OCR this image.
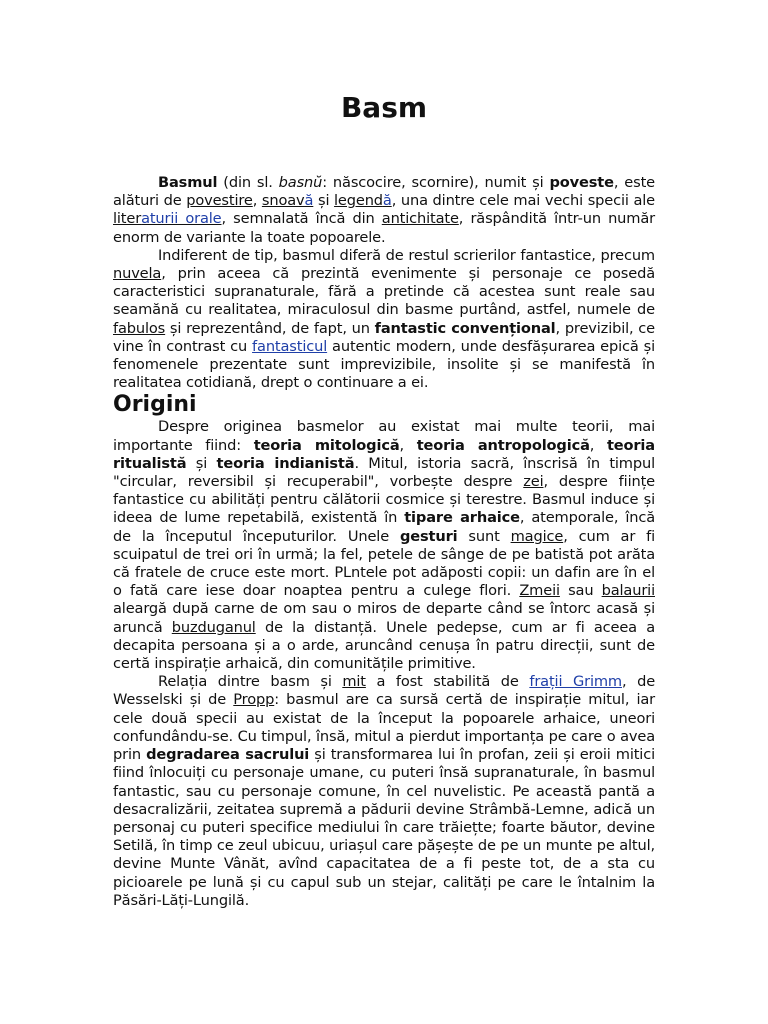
Basm

Basmul (din sl. basnŭ: născocire, scornire), numit și poveste, este alături de povestire, snoavă și legendă, una dintre cele mai vechi specii ale literaturii orale, semnalată încă din antichitate, răspândită într-un număr enorm de variante la toate popoarele.

Indiferent de tip, basmul diferă de restul scrierilor fantastice, precum nuvela, prin aceea că prezintă evenimente și personaje ce posedă caracteristici supranaturale, fără a pretinde că acestea sunt reale sau seamănă cu realitatea, miraculosul din basme purtând, astfel, numele de fabulos și reprezentând, de fapt, un fantastic convențional, previzibil, ce vine în contrast cu fantasticul autentic modern, unde desfășurarea epică și fenomenele prezentate sunt imprevizibile, insolite și se manifestă în realitatea cotidiană, drept o continuare a ei.

Origini

Despre originea basmelor au existat mai multe teorii, mai importante fiind: teoria mitologică, teoria antropologică, teoria ritualistă și teoria indianistă. Mitul, istoria sacră, înscrisă în timpul "circular, reversibil și recuperabil", vorbește despre zei, despre ființe fantastice cu abilități pentru călătorii cosmice și terestre. Basmul induce și ideea de lume repetabilă, existentă în tipare arhaice, atemporale, încă de la începutul începuturilor. Unele gesturi sunt magice, cum ar fi scuipatul de trei ori în urmă; la fel, petele de sânge de pe batistă pot arăta că fratele de cruce este mort. PLntele pot adăposti copii: un dafin are în el o fată care iese doar noaptea pentru a culege flori. Zmeii sau balaurii aleargă după carne de om sau o miros de departe când se întorc acasă și aruncă buzduganul de la distanță. Unele pedepse, cum ar fi aceea a decapita persoana și a o arde, aruncând cenușa în patru direcții, sunt de certă inspirație arhaică, din comunitățile primitive.

Relația dintre basm și mit a fost stabilită de frații Grimm, de Wesselski și de Propp: basmul are ca sursă certă de inspirație mitul, iar cele două specii au existat de la început la popoarele arhaice, uneori confundându-se. Cu timpul, însă, mitul a pierdut importanța pe care o avea prin degradarea sacrului și transformarea lui în profan, zeii și eroii mitici fiind înlocuiți cu personaje umane, cu puteri însă supranaturale, în basmul fantastic, sau cu personaje comune, în cel nuvelistic. Pe această pantă a desacralizării, zeitatea supremă a pădurii devine Strâmbă-Lemne, adică un personaj cu puteri specifice mediului în care trăiețte; foarte băutor, devine Setilă, în timp ce zeul ubicuu, uriașul care pășește de pe un munte pe altul, devine Munte Vânăt, avînd capacitatea de a fi peste tot, de a sta cu picioarele pe lună și cu capul sub un stejar, calități pe care le întalnim la Păsări-Lăți-Lungilă.
